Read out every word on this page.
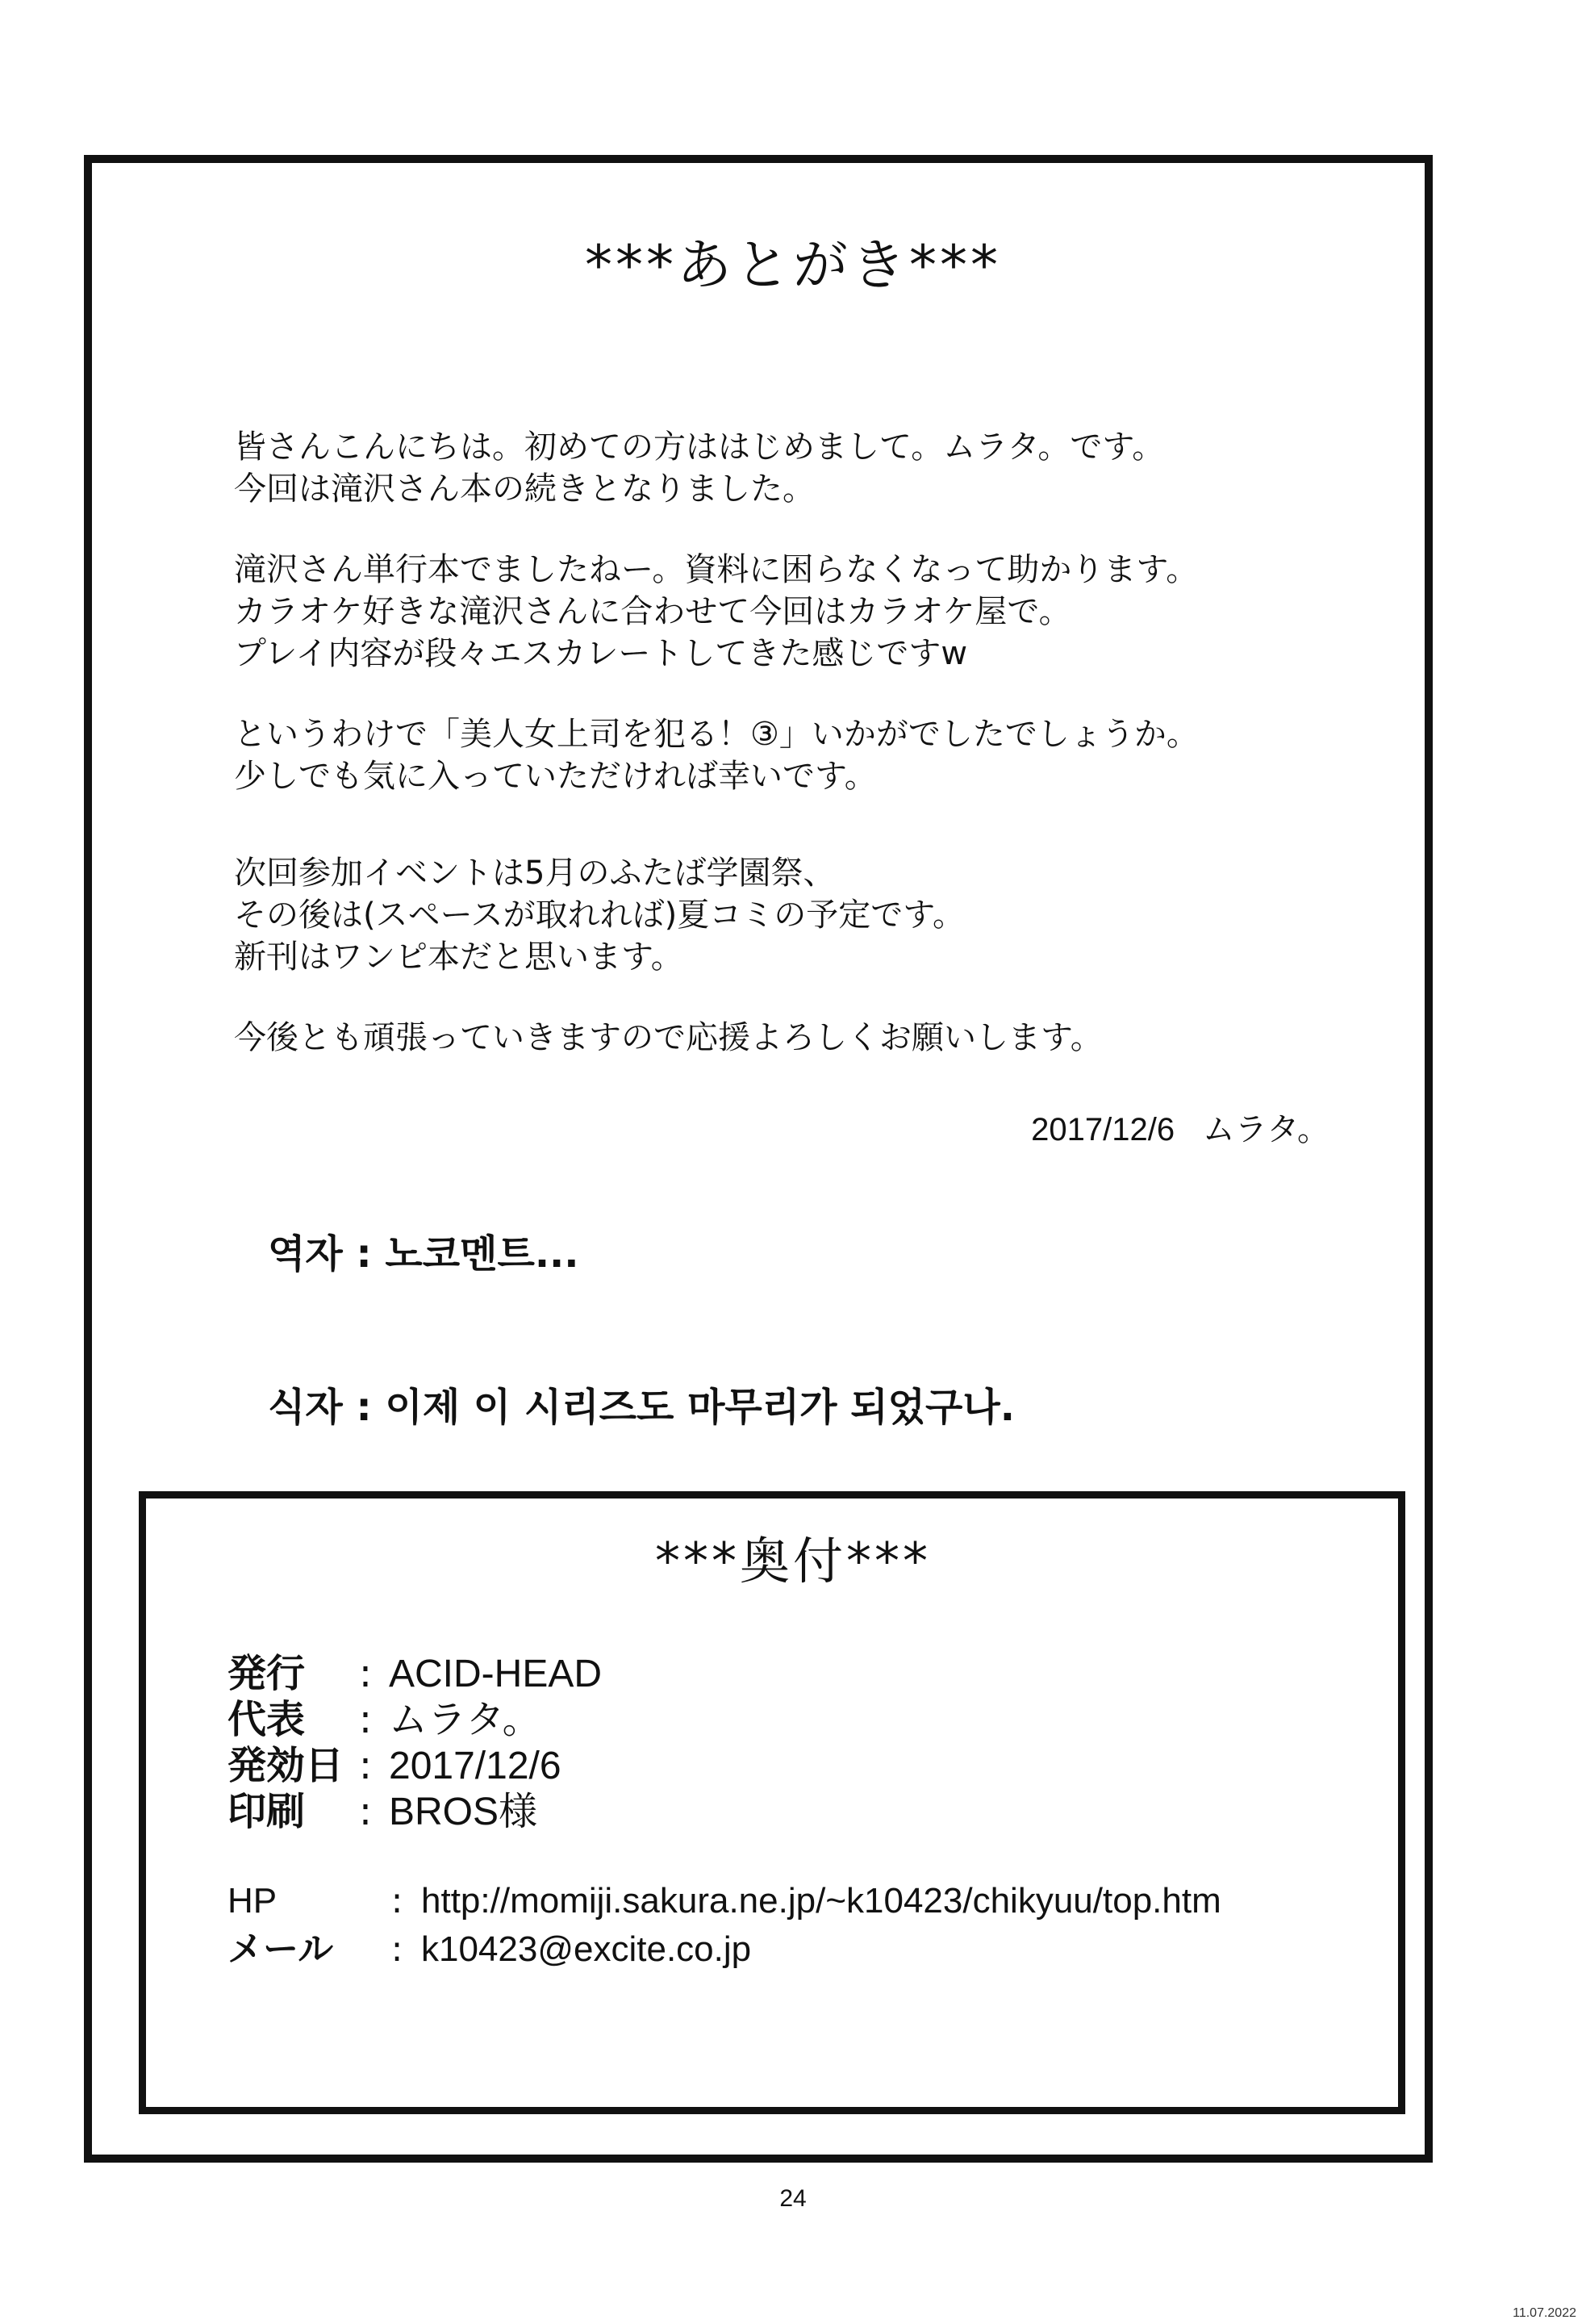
***あとがき***

皆さんこんにちは。初めての方ははじめまして。ムラタ。です。
今回は滝沢さん本の続きとなりました。

滝沢さん単行本でましたねー。資料に困らなくなって助かります。
カラオケ好きな滝沢さんに合わせて今回はカラオケ屋で。
プレイ内容が段々エスカレートしてきた感じですw

というわけで「美人女上司を犯る！③」いかがでしたでしょうか。
少しでも気に入っていただければ幸いです。

次回参加イベントは5月のふたば学園祭、
その後は(スペースが取れれば)夏コミの予定です。
新刊はワンピ本だと思います。

今後とも頑張っていきますので応援よろしくお願いします。

2017/12/6 ムラタ。
역자 : 노코멘트...
식자 : 이제 이 시리즈도 마무리가 되었구나.
***奥付***
発行	: ACID-HEAD
代表	: ムラタ。
発効日 : 2017/12/6
印刷	: BROS様
HP	: http://momiji.sakura.ne.jp/~k10423/chikyuu/top.htm
メール	: k10423@excite.co.jp
24
11.07.2022
